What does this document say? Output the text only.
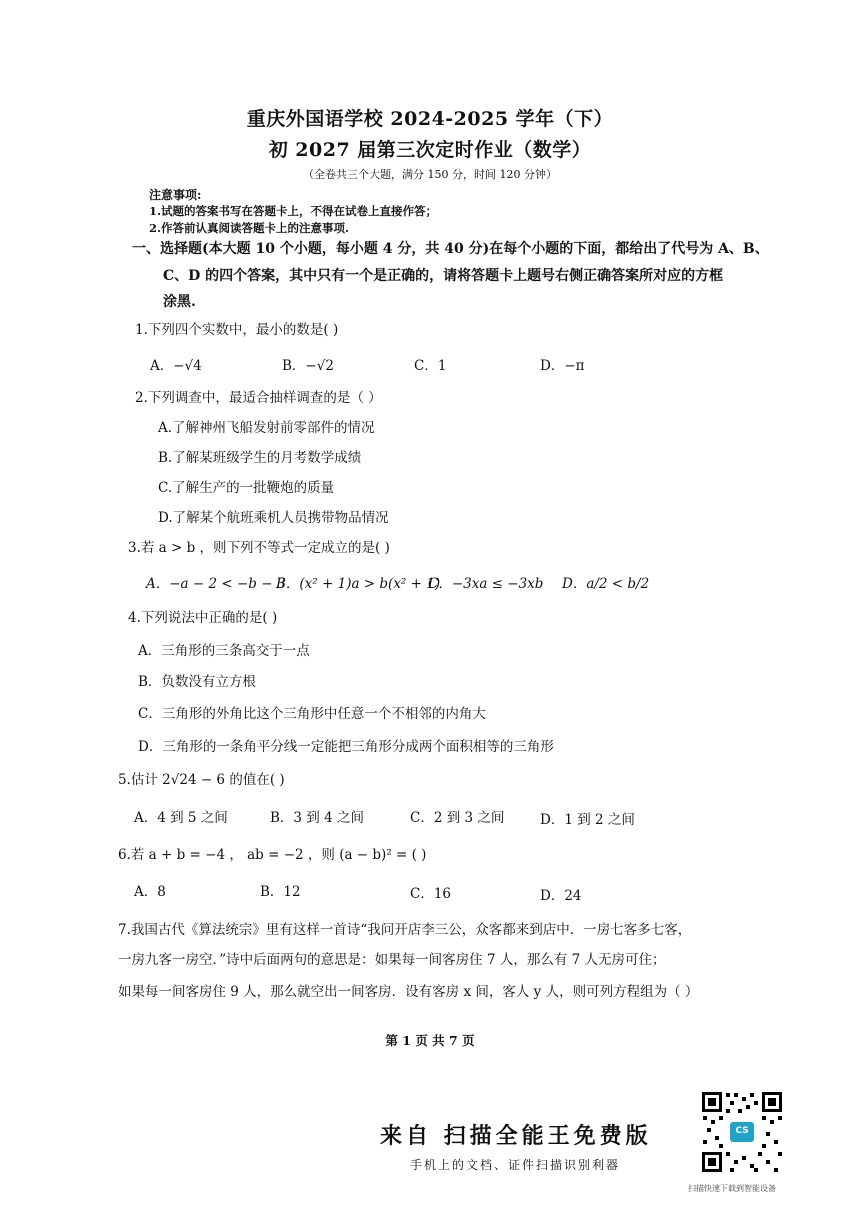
重庆外国语学校 2024-2025 学年（下）
初 2027 届第三次定时作业（数学）
（全卷共三个大题，满分 150 分，时间 120 分钟）
注意事项:
1.试题的答案书写在答题卡上，不得在试卷上直接作答；
2.作答前认真阅读答题卡上的注意事项.
一、选择题(本大题 10 个小题，每小题 4 分，共 40 分)在每个小题的下面，都给出了代号为 A、B、
C、D 的四个答案，其中只有一个是正确的，请将答题卡上题号右侧正确答案所对应的方框
涂黑.
1.下列四个实数中，最小的数是( )
A．−√4	B．−√2	C．1	D．−π
2.下列调查中，最适合抽样调查的是（ ）
A.了解神州飞船发射前零部件的情况
B.了解某班级学生的月考数学成绩
C.了解生产的一批鞭炮的质量
D.了解某个航班乘机人员携带物品情况
3.若 a > b ，则下列不等式一定成立的是( )
A．−a − 2 < −b − 3
B．(x² + 1)a > b(x² + 1)
C．−3xa ≤ −3xb D．a/2 < b/2
4.下列说法中正确的是( )
A．三角形的三条高交于一点
B．负数没有立方根
C．三角形的外角比这个三角形中任意一个不相邻的内角大
D．三角形的一条角平分线一定能把三角形分成两个面积相等的三角形
5.估计 2√24 − 6 的值在( )
A．4 到 5 之间	B．3 到 4 之间	C．2 到 3 之间	D．1 到 2 之间
6.若 a + b = −4 ， ab = −2 ，则 (a − b)² = ( )
A．8	B．12	C．16	D．24
7.我国古代《算法统宗》里有这样一首诗“我问开店李三公，众客都来到店中．一房七客多七客，
一房九客一房空．”诗中后面两句的意思是：如果每一间客房住 7 人，那么有 7 人无房可住；
如果每一间客房住 9 人，那么就空出一间客房．设有客房 x 间，客人 y 人，则可列方程组为（ ）
第 1 页 共 7 页
来自 扫描全能王免费版
手机上的文档、证件扫描识别利器
CS
扫描快速下载到智能设备
